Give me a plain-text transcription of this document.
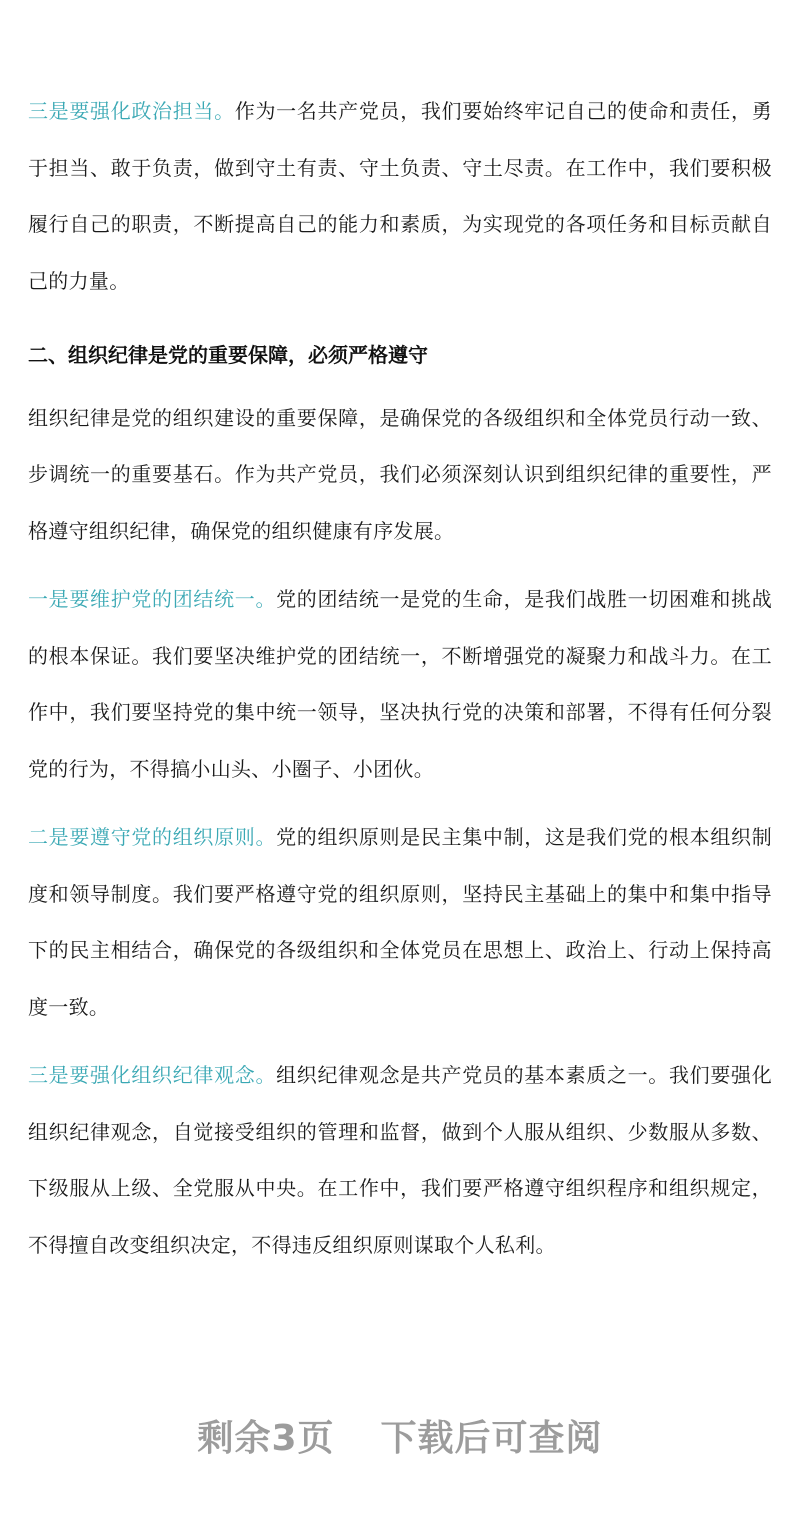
三是要强化政治担当。作为一名共产党员，我们要始终牢记自己的使命和责任，勇于担当、敢于负责，做到守土有责、守土负责、守土尽责。在工作中，我们要积极履行自己的职责，不断提高自己的能力和素质，为实现党的各项任务和目标贡献自己的力量。

二、组织纪律是党的重要保障，必须严格遵守

组织纪律是党的组织建设的重要保障，是确保党的各级组织和全体党员行动一致、步调统一的重要基石。作为共产党员，我们必须深刻认识到组织纪律的重要性，严格遵守组织纪律，确保党的组织健康有序发展。

一是要维护党的团结统一。党的团结统一是党的生命，是我们战胜一切困难和挑战的根本保证。我们要坚决维护党的团结统一，不断增强党的凝聚力和战斗力。在工作中，我们要坚持党的集中统一领导，坚决执行党的决策和部署，不得有任何分裂党的行为，不得搞小山头、小圈子、小团伙。

二是要遵守党的组织原则。党的组织原则是民主集中制，这是我们党的根本组织制度和领导制度。我们要严格遵守党的组织原则，坚持民主基础上的集中和集中指导下的民主相结合，确保党的各级组织和全体党员在思想上、政治上、行动上保持高度一致。

三是要强化组织纪律观念。组织纪律观念是共产党员的基本素质之一。我们要强化组织纪律观念，自觉接受组织的管理和监督，做到个人服从组织、少数服从多数、下级服从上级、全党服从中央。在工作中，我们要严格遵守组织程序和组织规定，不得擅自改变组织决定，不得违反组织原则谋取个人私利。

剩余3页 下载后可查阅
